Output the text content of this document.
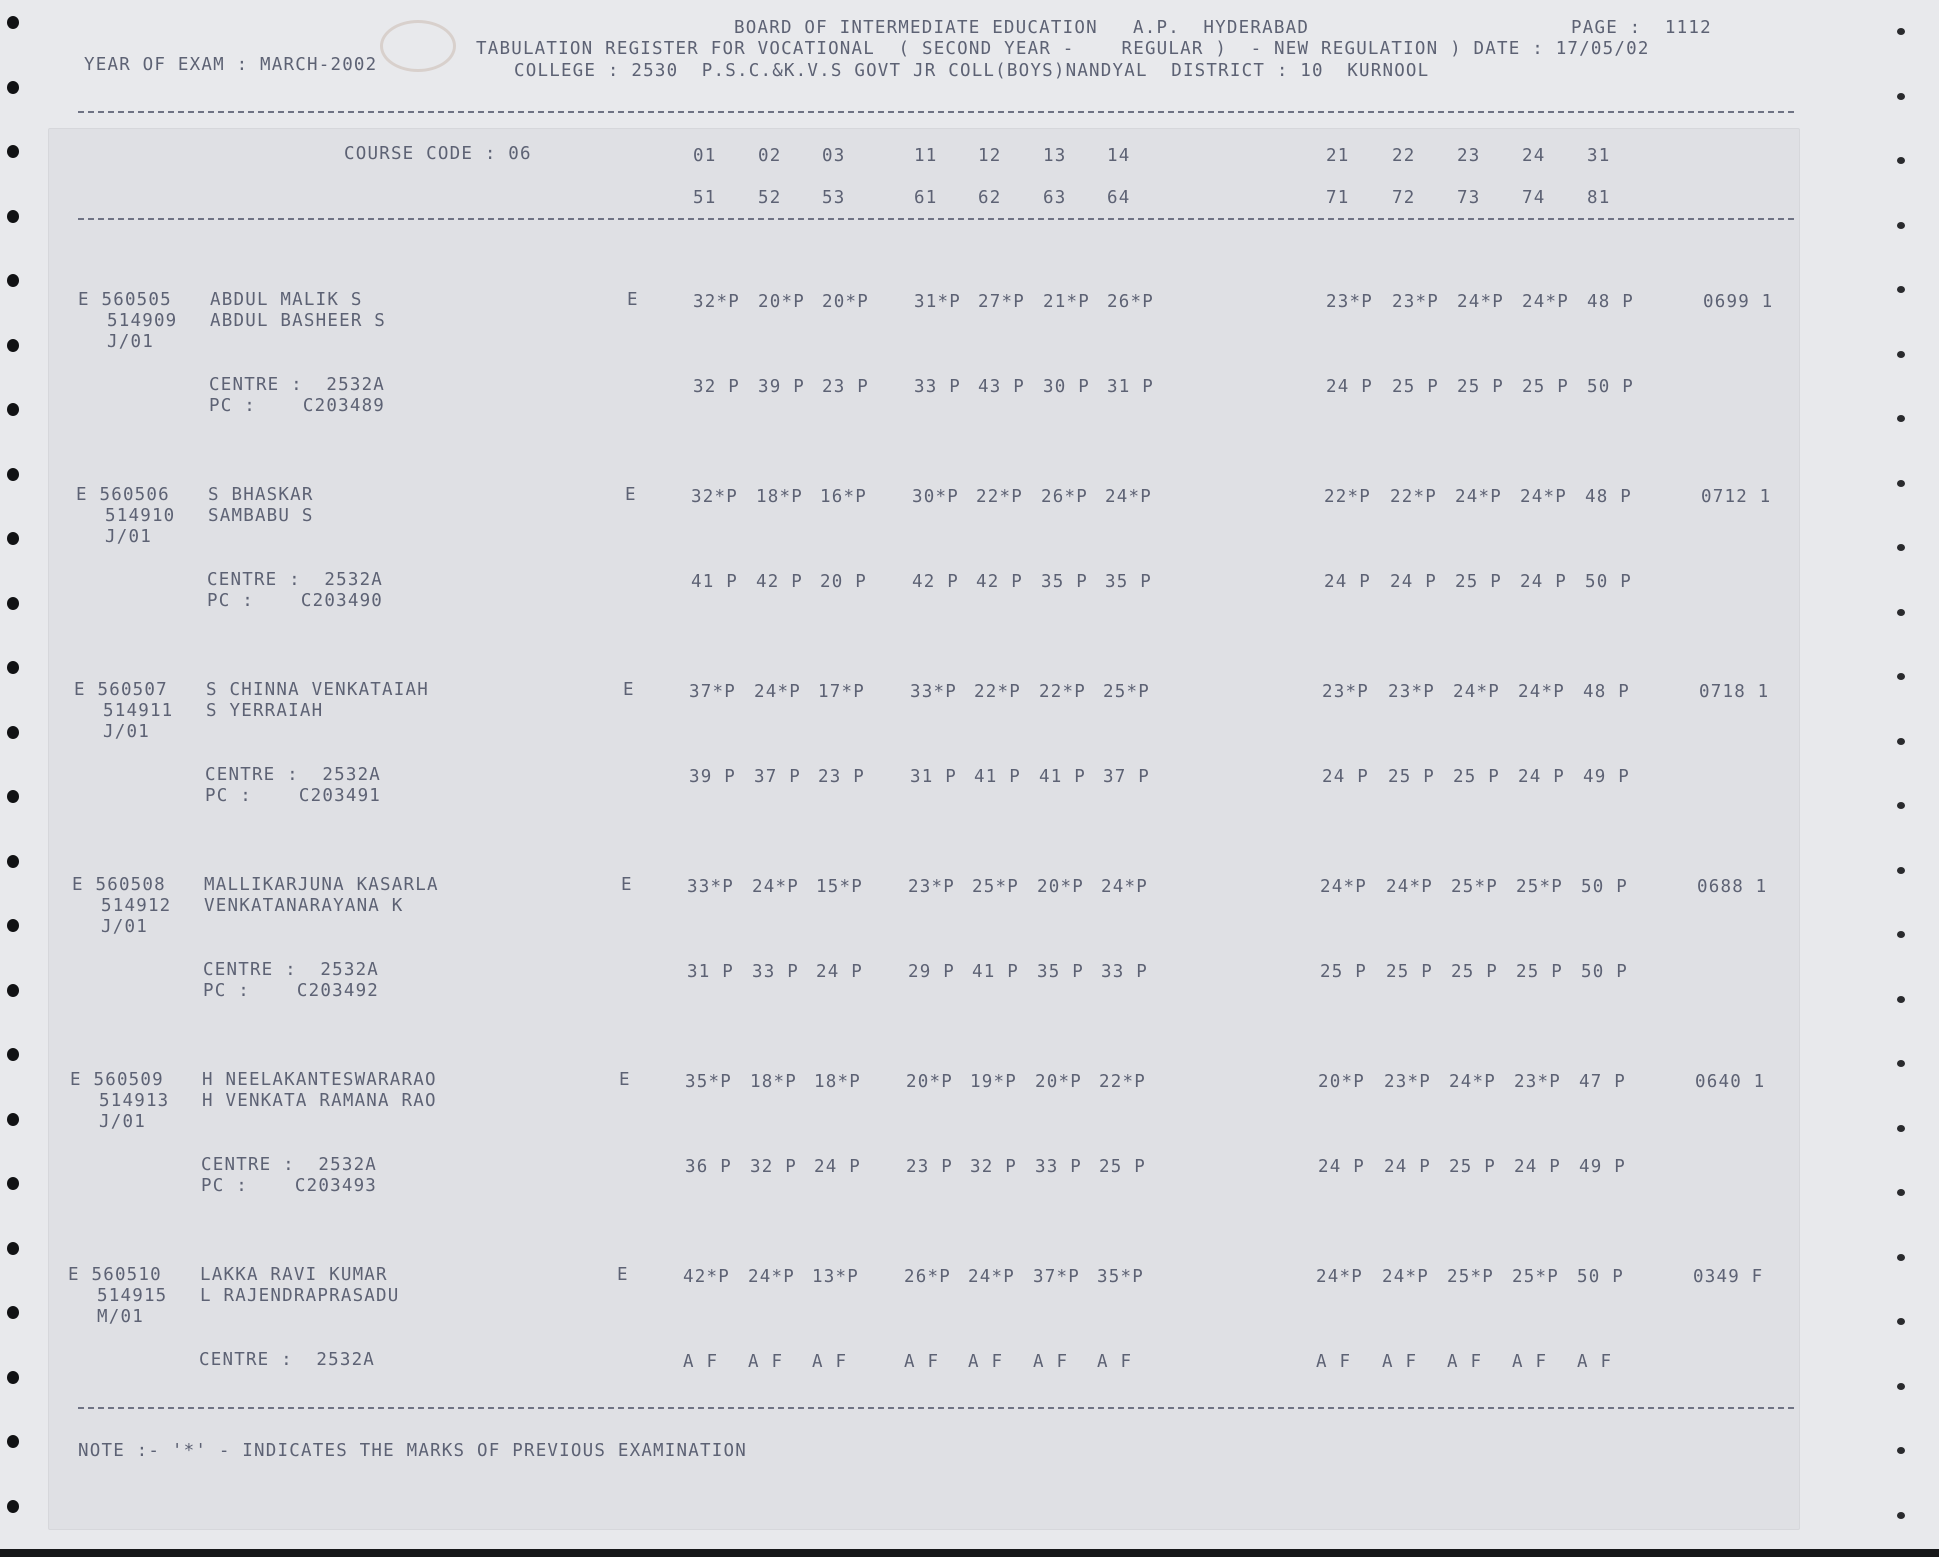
BOARD OF INTERMEDIATE EDUCATION   A.P.  HYDERABAD	PAGE :  1112
TABULATION REGISTER FOR VOCATIONAL  ( SECOND YEAR -    REGULAR )  - NEW REGULATION ) DATE : 17/05/02
YEAR OF EXAM : MARCH-2002	COLLEGE : 2530  P.S.C.&K.V.S GOVT JR COLL(BOYS)NANDYAL  DISTRICT : 10  KURNOOL
COURSE CODE : 06	01 02 03	11 12 13 14	21 22 23 24 31
51 52 53	61 62 63 64	71 72 73 74 81
E 560505
514909
J/01
ABDUL MALIK S
ABDUL BASHEER S
E	32*P 20*P 20*P	31*P 27*P 21*P 26*P	23*P 23*P 24*P 24*P 48 P	0699 1
CENTRE :  2532A
PC :    C203489
32 P 39 P 23 P	33 P 43 P 30 P 31 P	24 P 25 P 25 P 25 P 50 P
E 560506
514910
J/01
S BHASKAR
SAMBABU S
E	32*P 18*P 16*P	30*P 22*P 26*P 24*P	22*P 22*P 24*P 24*P 48 P	0712 1
CENTRE :  2532A
PC :    C203490
41 P 42 P 20 P	42 P 42 P 35 P 35 P	24 P 24 P 25 P 24 P 50 P
E 560507
514911
J/01
S CHINNA VENKATAIAH
S YERRAIAH
E	37*P 24*P 17*P	33*P 22*P 22*P 25*P	23*P 23*P 24*P 24*P 48 P	0718 1
CENTRE :  2532A
PC :    C203491
39 P 37 P 23 P	31 P 41 P 41 P 37 P	24 P 25 P 25 P 24 P 49 P
E 560508
514912
J/01
MALLIKARJUNA KASARLA
VENKATANARAYANA K
E	33*P 24*P 15*P	23*P 25*P 20*P 24*P	24*P 24*P 25*P 25*P 50 P	0688 1
CENTRE :  2532A
PC :    C203492
31 P 33 P 24 P	29 P 41 P 35 P 33 P	25 P 25 P 25 P 25 P 50 P
E 560509
514913
J/01
H NEELAKANTESWARARAO
H VENKATA RAMANA RAO
E	35*P 18*P 18*P	20*P 19*P 20*P 22*P	20*P 23*P 24*P 23*P 47 P	0640 1
CENTRE :  2532A
PC :    C203493
36 P 32 P 24 P	23 P 32 P 33 P 25 P	24 P 24 P 25 P 24 P 49 P
E 560510
514915
M/01
LAKKA RAVI KUMAR
L RAJENDRAPRASADU
E	42*P 24*P 13*P	26*P 24*P 37*P 35*P	24*P 24*P 25*P 25*P 50 P	0349 F
CENTRE :  2532A	A F A F A F	A F A F A F A F	A F A F A F A F A F
NOTE :- '*' - INDICATES THE MARKS OF PREVIOUS EXAMINATION
